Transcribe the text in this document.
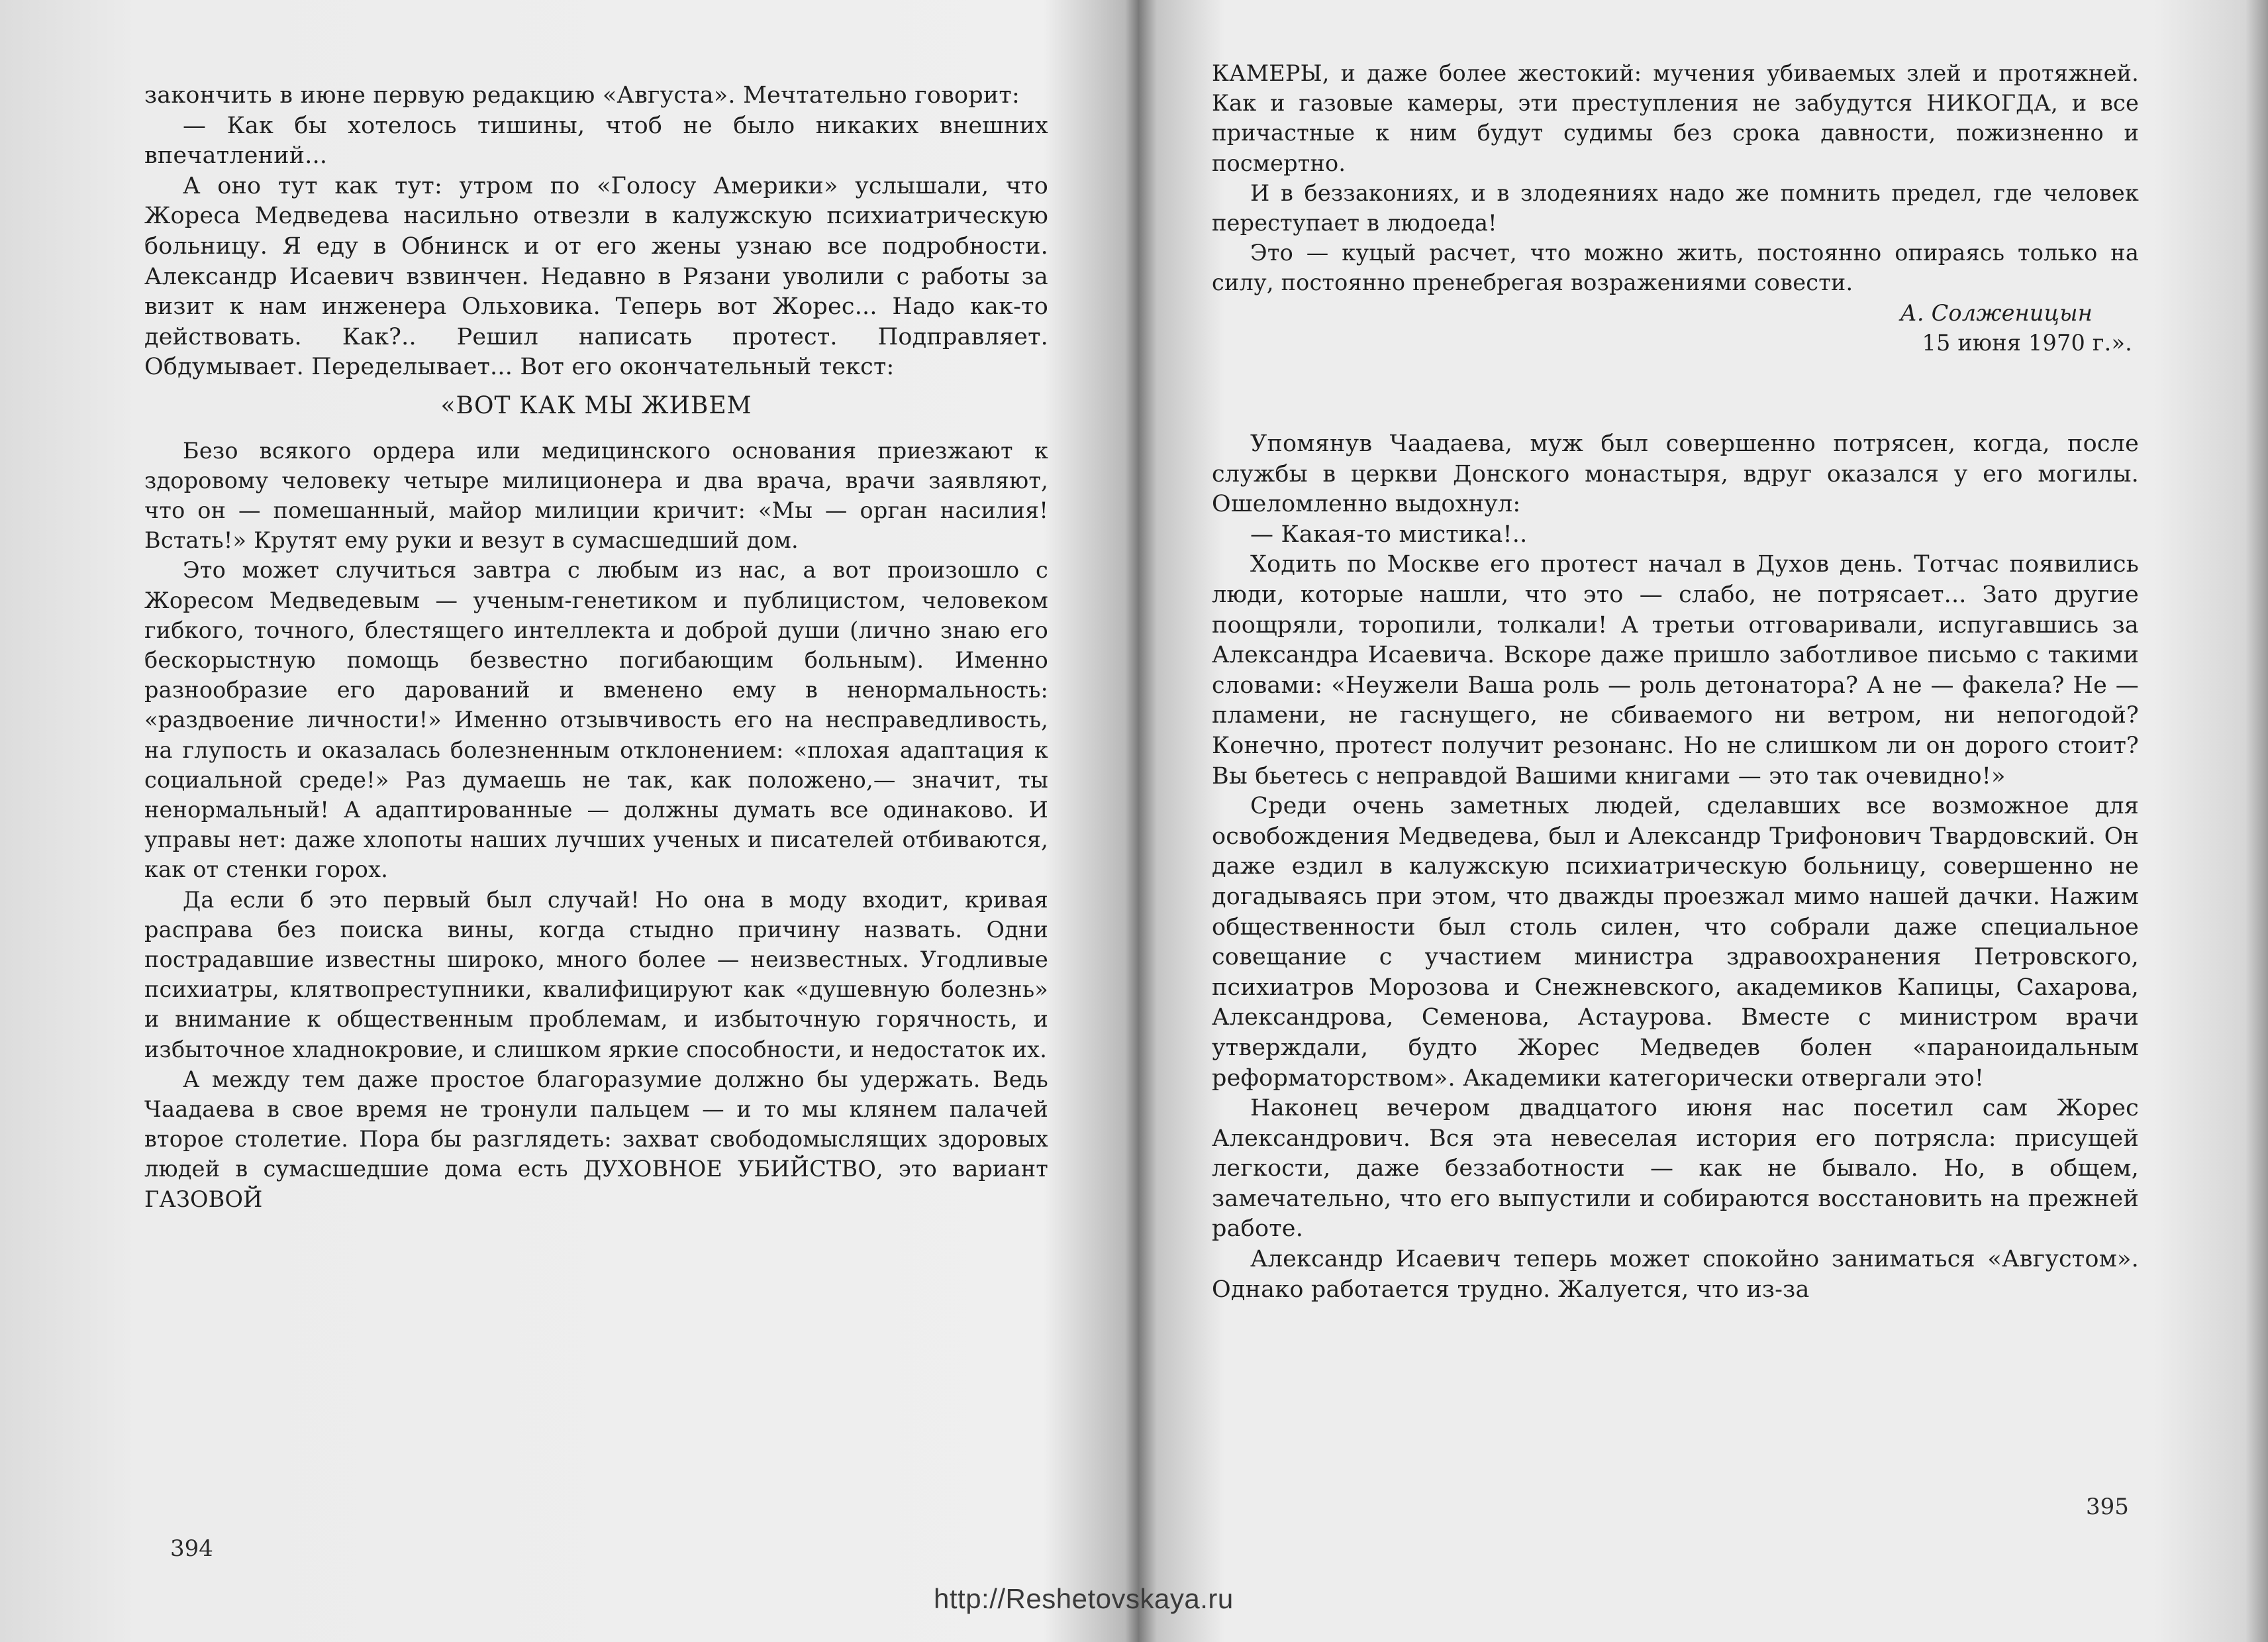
закончить в июне первую редакцию «Августа». Мечтательно говорит:

— Как бы хотелось тишины, чтоб не было никаких внешних впечатлений...

А оно тут как тут: утром по «Голосу Америки» услышали, что Жореса Медведева насильно отвезли в калужскую психиатрическую больницу. Я еду в Обнинск и от его жены узнаю все подробности. Александр Исаевич взвинчен. Недавно в Рязани уволили с работы за визит к нам инженера Ольховика. Теперь вот Жорес... Надо как-то действовать. Как?.. Решил написать протест. Подправляет. Обдумывает. Переделывает... Вот его окончательный текст:

«ВОТ КАК МЫ ЖИВЕМ

Безо всякого ордера или медицинского основания приезжают к здоровому человеку четыре милиционера и два врача, врачи заявляют, что он — помешанный, майор милиции кричит: «Мы — орган насилия! Встать!» Крутят ему руки и везут в сумасшедший дом.

Это может случиться завтра с любым из нас, а вот произошло с Жоресом Медведевым — ученым-генетиком и публицистом, человеком гибкого, точного, блестящего интеллекта и доброй души (лично знаю его бескорыстную помощь безвестно погибающим больным). Именно разнообразие его дарований и вменено ему в ненормальность: «раздвоение личности!» Именно отзывчивость его на несправедливость, на глупость и оказалась болезненным отклонением: «плохая адаптация к социальной среде!» Раз думаешь не так, как положено,— значит, ты ненормальный! А адаптированные — должны думать все одинаково. И управы нет: даже хлопоты наших лучших ученых и писателей отбиваются, как от стенки горох.

Да если б это первый был случай! Но она в моду входит, кривая расправа без поиска вины, когда стыдно причину назвать. Одни пострадавшие известны широко, много более — неизвестных. Угодливые психиатры, клятвопреступники, квалифицируют как «душевную болезнь» и внимание к общественным проблемам, и избыточную горячность, и избыточное хладнокровие, и слишком яркие способности, и недостаток их.

А между тем даже простое благоразумие должно бы удержать. Ведь Чаадаева в свое время не тронули пальцем — и то мы клянем палачей второе столетие. Пора бы разглядеть: захват свободомыслящих здоровых людей в сумасшедшие дома есть ДУХОВНОЕ УБИЙСТВО, это вариант ГАЗОВОЙ

394

КАМЕРЫ, и даже более жестокий: мучения убиваемых злей и протяжней. Как и газовые камеры, эти преступления не забудутся НИКОГДА, и все причастные к ним будут судимы без срока давности, пожизненно и посмертно.

И в беззакониях, и в злодеяниях надо же помнить предел, где человек переступает в людоеда!

Это — куцый расчет, что можно жить, постоянно опираясь только на силу, постоянно пренебрегая возражениями совести.

А. Солженицын

15 июня 1970 г.».

Упомянув Чаадаева, муж был совершенно потрясен, когда, после службы в церкви Донского монастыря, вдруг оказался у его могилы. Ошеломленно выдохнул:

— Какая-то мистика!..

Ходить по Москве его протест начал в Духов день. Тотчас появились люди, которые нашли, что это — слабо, не потрясает... Зато другие поощряли, торопили, толкали! А третьи отговаривали, испугавшись за Александра Исаевича. Вскоре даже пришло заботливое письмо с такими словами: «Неужели Ваша роль — роль детонатора? А не — факела? Не — пламени, не гаснущего, не сбиваемого ни ветром, ни непогодой? Конечно, протест получит резонанс. Но не слишком ли он дорого стоит? Вы бьетесь с неправдой Вашими книгами — это так очевидно!»

Среди очень заметных людей, сделавших все возможное для освобождения Медведева, был и Александр Трифонович Твардовский. Он даже ездил в калужскую психиатрическую больницу, совершенно не догадываясь при этом, что дважды проезжал мимо нашей дачки. Нажим общественности был столь силен, что собрали даже специальное совещание с участием министра здравоохранения Петровского, психиатров Морозова и Снежневского, академиков Капицы, Сахарова, Александрова, Семенова, Астаурова. Вместе с министром врачи утверждали, будто Жорес Медведев болен «параноидальным реформаторством». Академики категорически отвергали это!

Наконец вечером двадцатого июня нас посетил сам Жорес Александрович. Вся эта невеселая история его потрясла: присущей легкости, даже беззаботности — как не бывало. Но, в общем, замечательно, что его выпустили и собираются восстановить на прежней работе.

Александр Исаевич теперь может спокойно заниматься «Августом». Однако работается трудно. Жалуется, что из-за

395
http://Reshetovskaya.ru
